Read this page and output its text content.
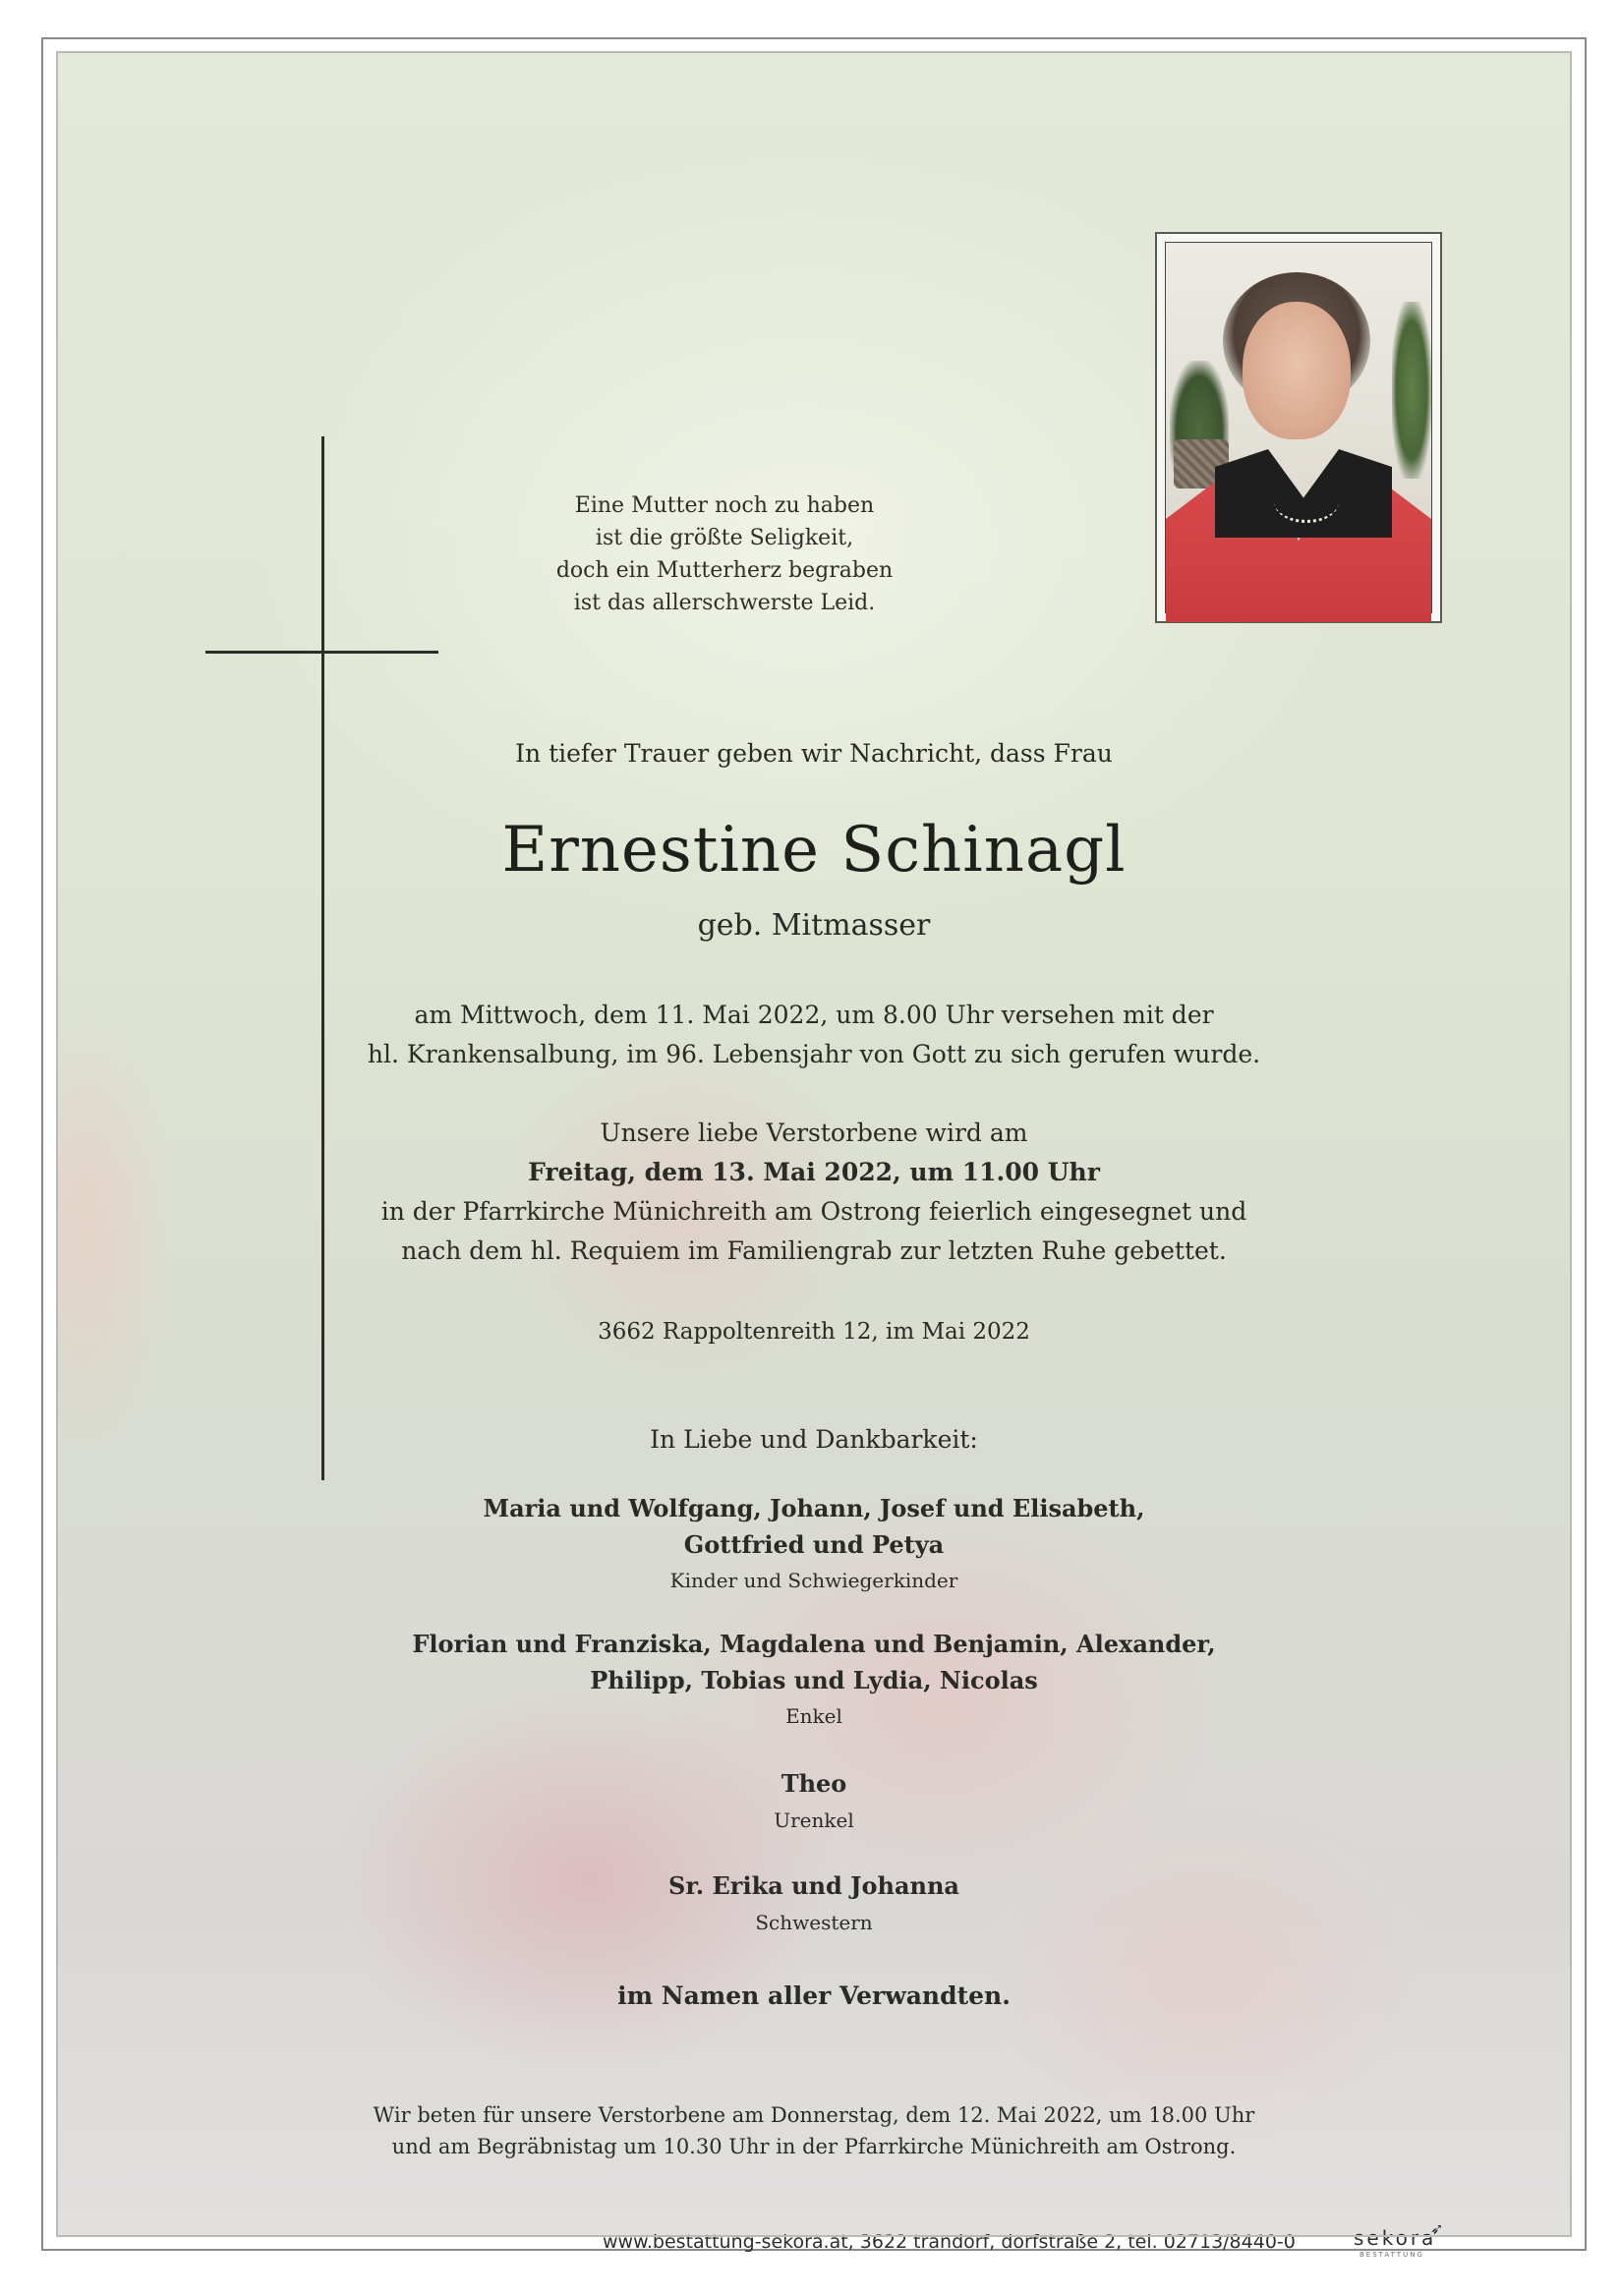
Eine Mutter noch zu haben
ist die größte Seligkeit,
doch ein Mutterherz begraben
ist das allerschwerste Leid.

In tiefer Trauer geben wir Nachricht, dass Frau

Ernestine Schinagl

geb. Mitmasser

am Mittwoch, dem 11. Mai 2022, um 8.00 Uhr versehen mit der

hl. Krankensalbung, im 96. Lebensjahr von Gott zu sich gerufen wurde.

Unsere liebe Verstorbene wird am

Freitag, dem 13. Mai 2022, um 11.00 Uhr

in der Pfarrkirche Münichreith am Ostrong feierlich eingesegnet und

nach dem hl. Requiem im Familiengrab zur letzten Ruhe gebettet.

3662 Rappoltenreith 12, im Mai 2022

In Liebe und Dankbarkeit:

Maria und Wolfgang, Johann, Josef und Elisabeth,

Gottfried und Petya

Kinder und Schwiegerkinder

Florian und Franziska, Magdalena und Benjamin, Alexander,

Philipp, Tobias und Lydia, Nicolas

Enkel

Theo

Urenkel

Sr. Erika und Johanna

Schwestern

im Namen aller Verwandten.

Wir beten für unsere Verstorbene am Donnerstag, dem 12. Mai 2022, um 18.00 Uhr

und am Begräbnistag um 10.30 Uhr in der Pfarrkirche Münichreith am Ostrong.

www.bestattung-sekora.at, 3622 trandorf, dorfstraße 2, tel. 02713/8440-0	sekora
BESTATTUNG
➶
